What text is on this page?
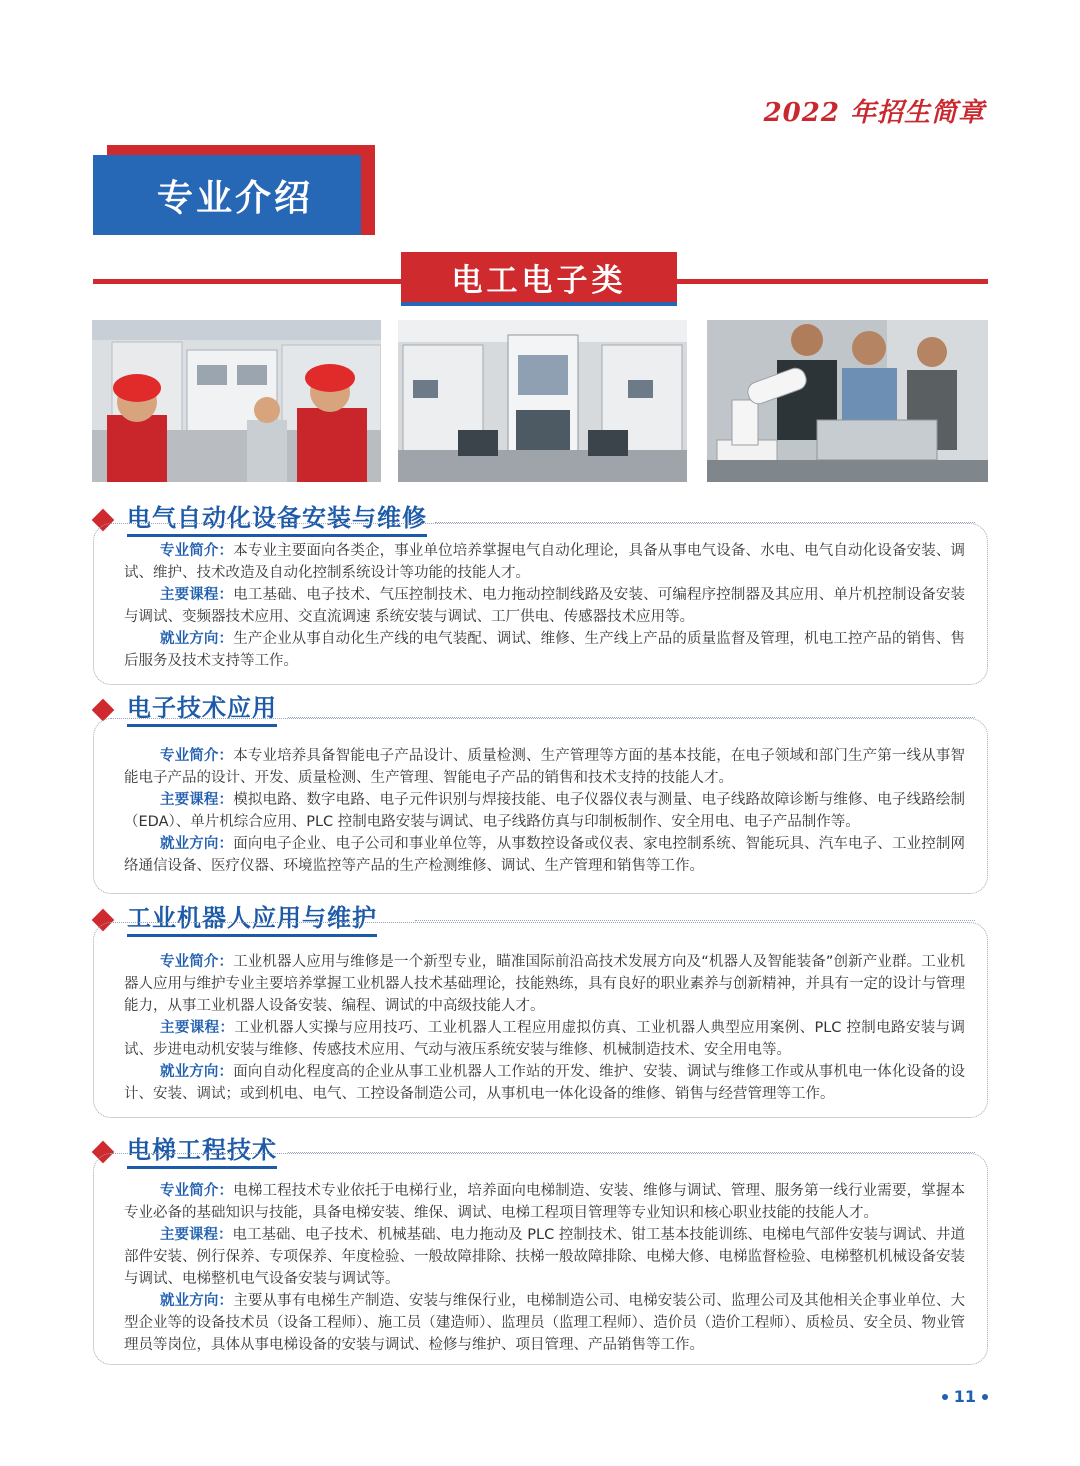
2022 年招生简章
专业介绍
电工电子类
电气自动化设备安装与维修

专业简介：本专业主要面向各类企，事业单位培养掌握电气自动化理论，具备从事电气设备、水电、电气自动化设备安装、调试、维护、技术改造及自动化控制系统设计等功能的技能人才。

主要课程：电工基础、电子技术、气压控制技术、电力拖动控制线路及安装、可编程序控制器及其应用、单片机控制设备安装与调试、变频器技术应用、交直流调速 系统安装与调试、工厂供电、传感器技术应用等。

就业方向：生产企业从事自动化生产线的电气装配、调试、维修、生产线上产品的质量监督及管理，机电工控产品的销售、售后服务及技术支持等工作。

电子技术应用

专业简介：本专业培养具备智能电子产品设计、质量检测、生产管理等方面的基本技能，在电子领域和部门生产第一线从事智能电子产品的设计、开发、质量检测、生产管理、智能电子产品的销售和技术支持的技能人才。

主要课程：模拟电路、数字电路、电子元件识别与焊接技能、电子仪器仪表与测量、电子线路故障诊断与维修、电子线路绘制（EDA）、单片机综合应用、PLC 控制电路安装与调试、电子线路仿真与印制板制作、安全用电、电子产品制作等。

就业方向：面向电子企业、电子公司和事业单位等，从事数控设备或仪表、家电控制系统、智能玩具、汽车电子、工业控制网络通信设备、医疗仪器、环境监控等产品的生产检测维修、调试、生产管理和销售等工作。

工业机器人应用与维护

专业简介：工业机器人应用与维修是一个新型专业，瞄准国际前沿高技术发展方向及“机器人及智能装备”创新产业群。工业机器人应用与维护专业主要培养掌握工业机器人技术基础理论，技能熟练，具有良好的职业素养与创新精神，并具有一定的设计与管理能力，从事工业机器人设备安装、编程、调试的中高级技能人才。

主要课程：工业机器人实操与应用技巧、工业机器人工程应用虚拟仿真、工业机器人典型应用案例、PLC 控制电路安装与调试、步进电动机安装与维修、传感技术应用、气动与液压系统安装与维修、机械制造技术、安全用电等。

就业方向：面向自动化程度高的企业从事工业机器人工作站的开发、维护、安装、调试与维修工作或从事机电一体化设备的设计、安装、调试；或到机电、电气、工控设备制造公司，从事机电一体化设备的维修、销售与经营管理等工作。

电梯工程技术

专业简介：电梯工程技术专业依托于电梯行业，培养面向电梯制造、安装、维修与调试、管理、服务第一线行业需要，掌握本专业必备的基础知识与技能，具备电梯安装、维保、调试、电梯工程项目管理等专业知识和核心职业技能的技能人才。

主要课程：电工基础、电子技术、机械基础、电力拖动及 PLC 控制技术、钳工基本技能训练、电梯电气部件安装与调试、井道部件安装、例行保养、专项保养、年度检验、一般故障排除、扶梯一般故障排除、电梯大修、电梯监督检验、电梯整机机械设备安装与调试、电梯整机电气设备安装与调试等。

就业方向：主要从事有电梯生产制造、安装与维保行业，电梯制造公司、电梯安装公司、监理公司及其他相关企事业单位、大型企业等的设备技术员（设备工程师）、施工员（建造师）、监理员（监理工程师）、造价员（造价工程师）、质检员、安全员、物业管理员等岗位，具体从事电梯设备的安装与调试、检修与维护、项目管理、产品销售等工作。

11
